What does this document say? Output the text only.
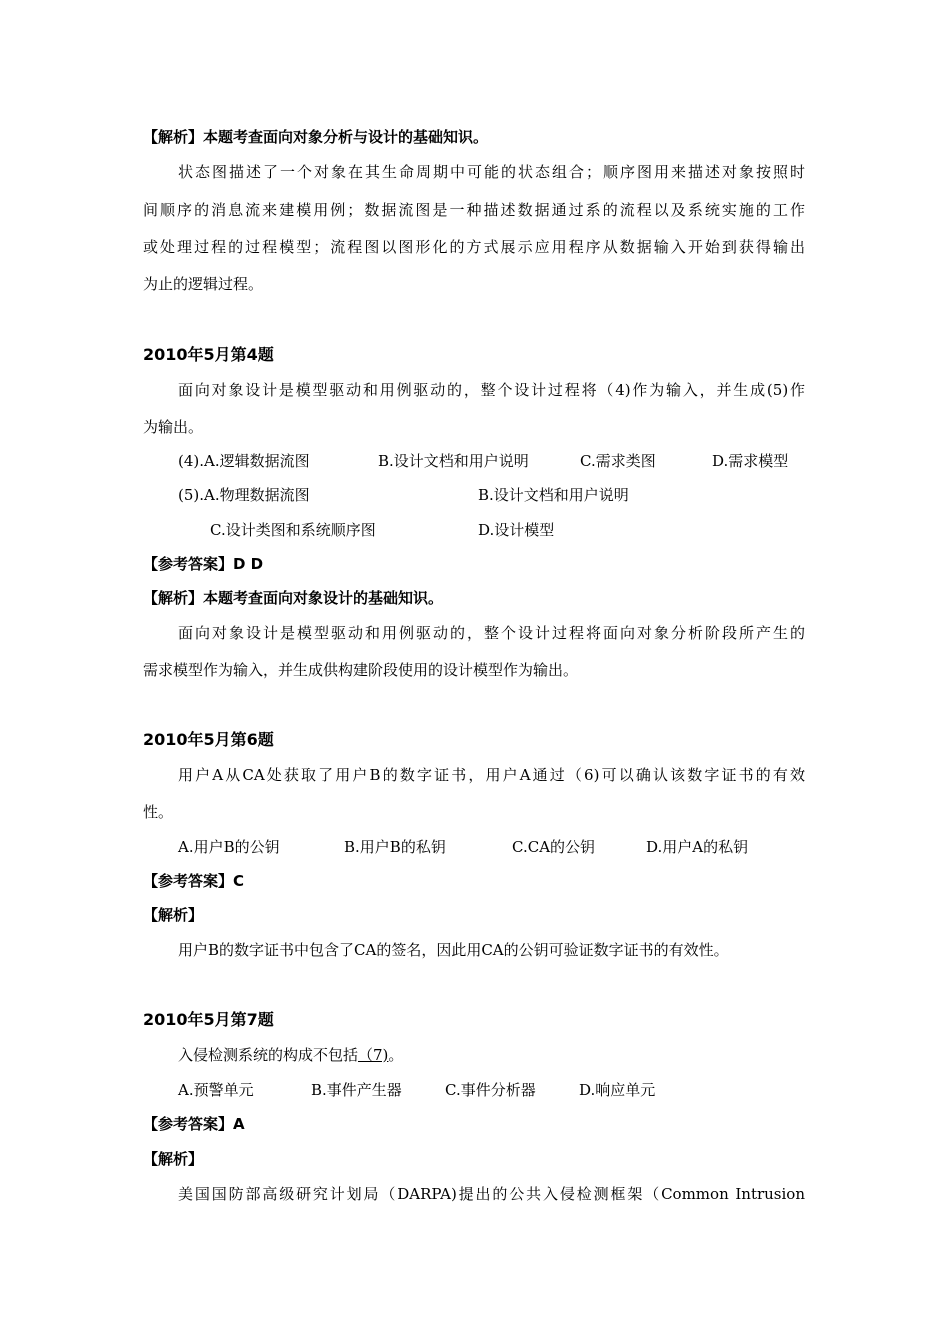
【解析】本题考查面向对象分析与设计的基础知识。
状态图描述了一个对象在其生命周期中可能的状态组合；顺序图用来描述对象按照时
间顺序的消息流来建模用例；数据流图是一种描述数据通过系的流程以及系统实施的工作
或处理过程的过程模型；流程图以图形化的方式展示应用程序从数据输入开始到获得输出
为止的逻辑过程。
2010年5月第4题
面向对象设计是模型驱动和用例驱动的，整个设计过程将（4)作为输入，并生成(5)作
为输出。
(4).A.逻辑数据流图	B.设计文档和用户说明	C.需求类图	D.需求模型
(5).A.物理数据流图	B.设计文档和用户说明
C.设计类图和系统顺序图	D.设计模型
【参考答案】D D
【解析】本题考查面向对象设计的基础知识。
面向对象设计是模型驱动和用例驱动的，整个设计过程将面向对象分析阶段所产生的
需求模型作为输入，并生成供构建阶段使用的设计模型作为输出。
2010年5月第6题
用户A从CA处获取了用户B的数字证书，用户A通过（6)可以确认该数字证书的有效
性。
A.用户B的公钥	B.用户B的私钥	C.CA的公钥	D.用户A的私钥
【参考答案】C
【解析】
用户B的数字证书中包含了CA的签名，因此用CA的公钥可验证数字证书的有效性。
2010年5月第7题
入侵检测系统的构成不包括（7)。
A.预警单元	B.事件产生器	C.事件分析器	D.响应单元
【参考答案】A
【解析】
美国国防部高级研究计划局（DARPA)提出的公共入侵检测框架（Common Intrusion
